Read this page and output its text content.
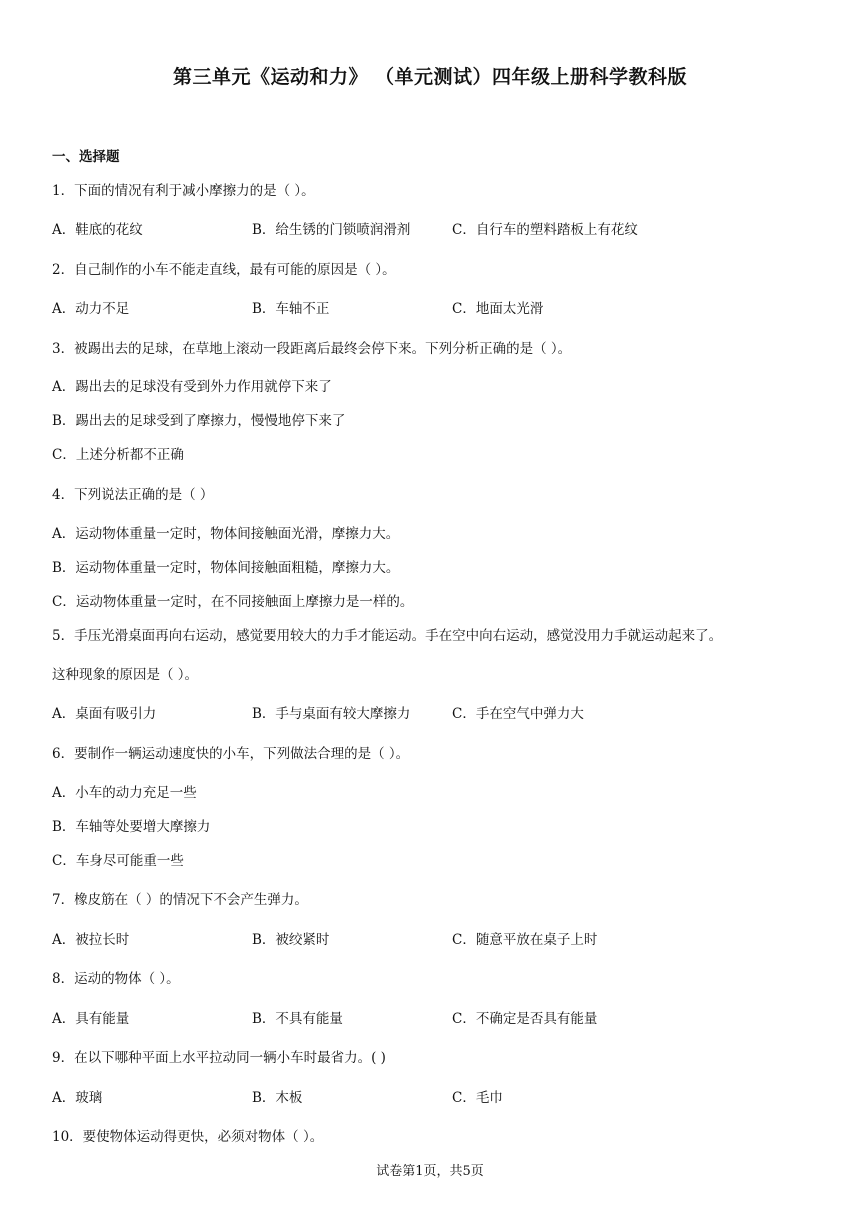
第三单元《运动和力》 （单元测试）四年级上册科学教科版
一、选择题
1．下面的情况有利于减小摩擦力的是（ ）。
A．鞋底的花纹	B．给生锈的门锁喷润滑剂	C．自行车的塑料踏板上有花纹
2．自己制作的小车不能走直线，最有可能的原因是（ ）。
A．动力不足	B．车轴不正	C．地面太光滑
3．被踢出去的足球，在草地上滚动一段距离后最终会停下来。下列分析正确的是（ ）。
A．踢出去的足球没有受到外力作用就停下来了
B．踢出去的足球受到了摩擦力，慢慢地停下来了
C．上述分析都不正确
4．下列说法正确的是（ ）
A．运动物体重量一定时，物体间接触面光滑，摩擦力大。
B．运动物体重量一定时，物体间接触面粗糙，摩擦力大。
C．运动物体重量一定时，在不同接触面上摩擦力是一样的。
5．手压光滑桌面再向右运动，感觉要用较大的力手才能运动。手在空中向右运动，感觉没用力手就运动起来了。
这种现象的原因是（ ）。
A．桌面有吸引力	B．手与桌面有较大摩擦力	C．手在空气中弹力大
6．要制作一辆运动速度快的小车，下列做法合理的是（ ）。
A．小车的动力充足一些
B．车轴等处要增大摩擦力
C．车身尽可能重一些
7．橡皮筋在（ ）的情况下不会产生弹力。
A．被拉长时	B．被绞紧时	C．随意平放在桌子上时
8．运动的物体（ ）。
A．具有能量	B．不具有能量	C．不确定是否具有能量
9．在以下哪种平面上水平拉动同一辆小车时最省力。( )
A．玻璃	B．木板	C．毛巾
10．要使物体运动得更快，必须对物体（ ）。
试卷第1页，共5页
